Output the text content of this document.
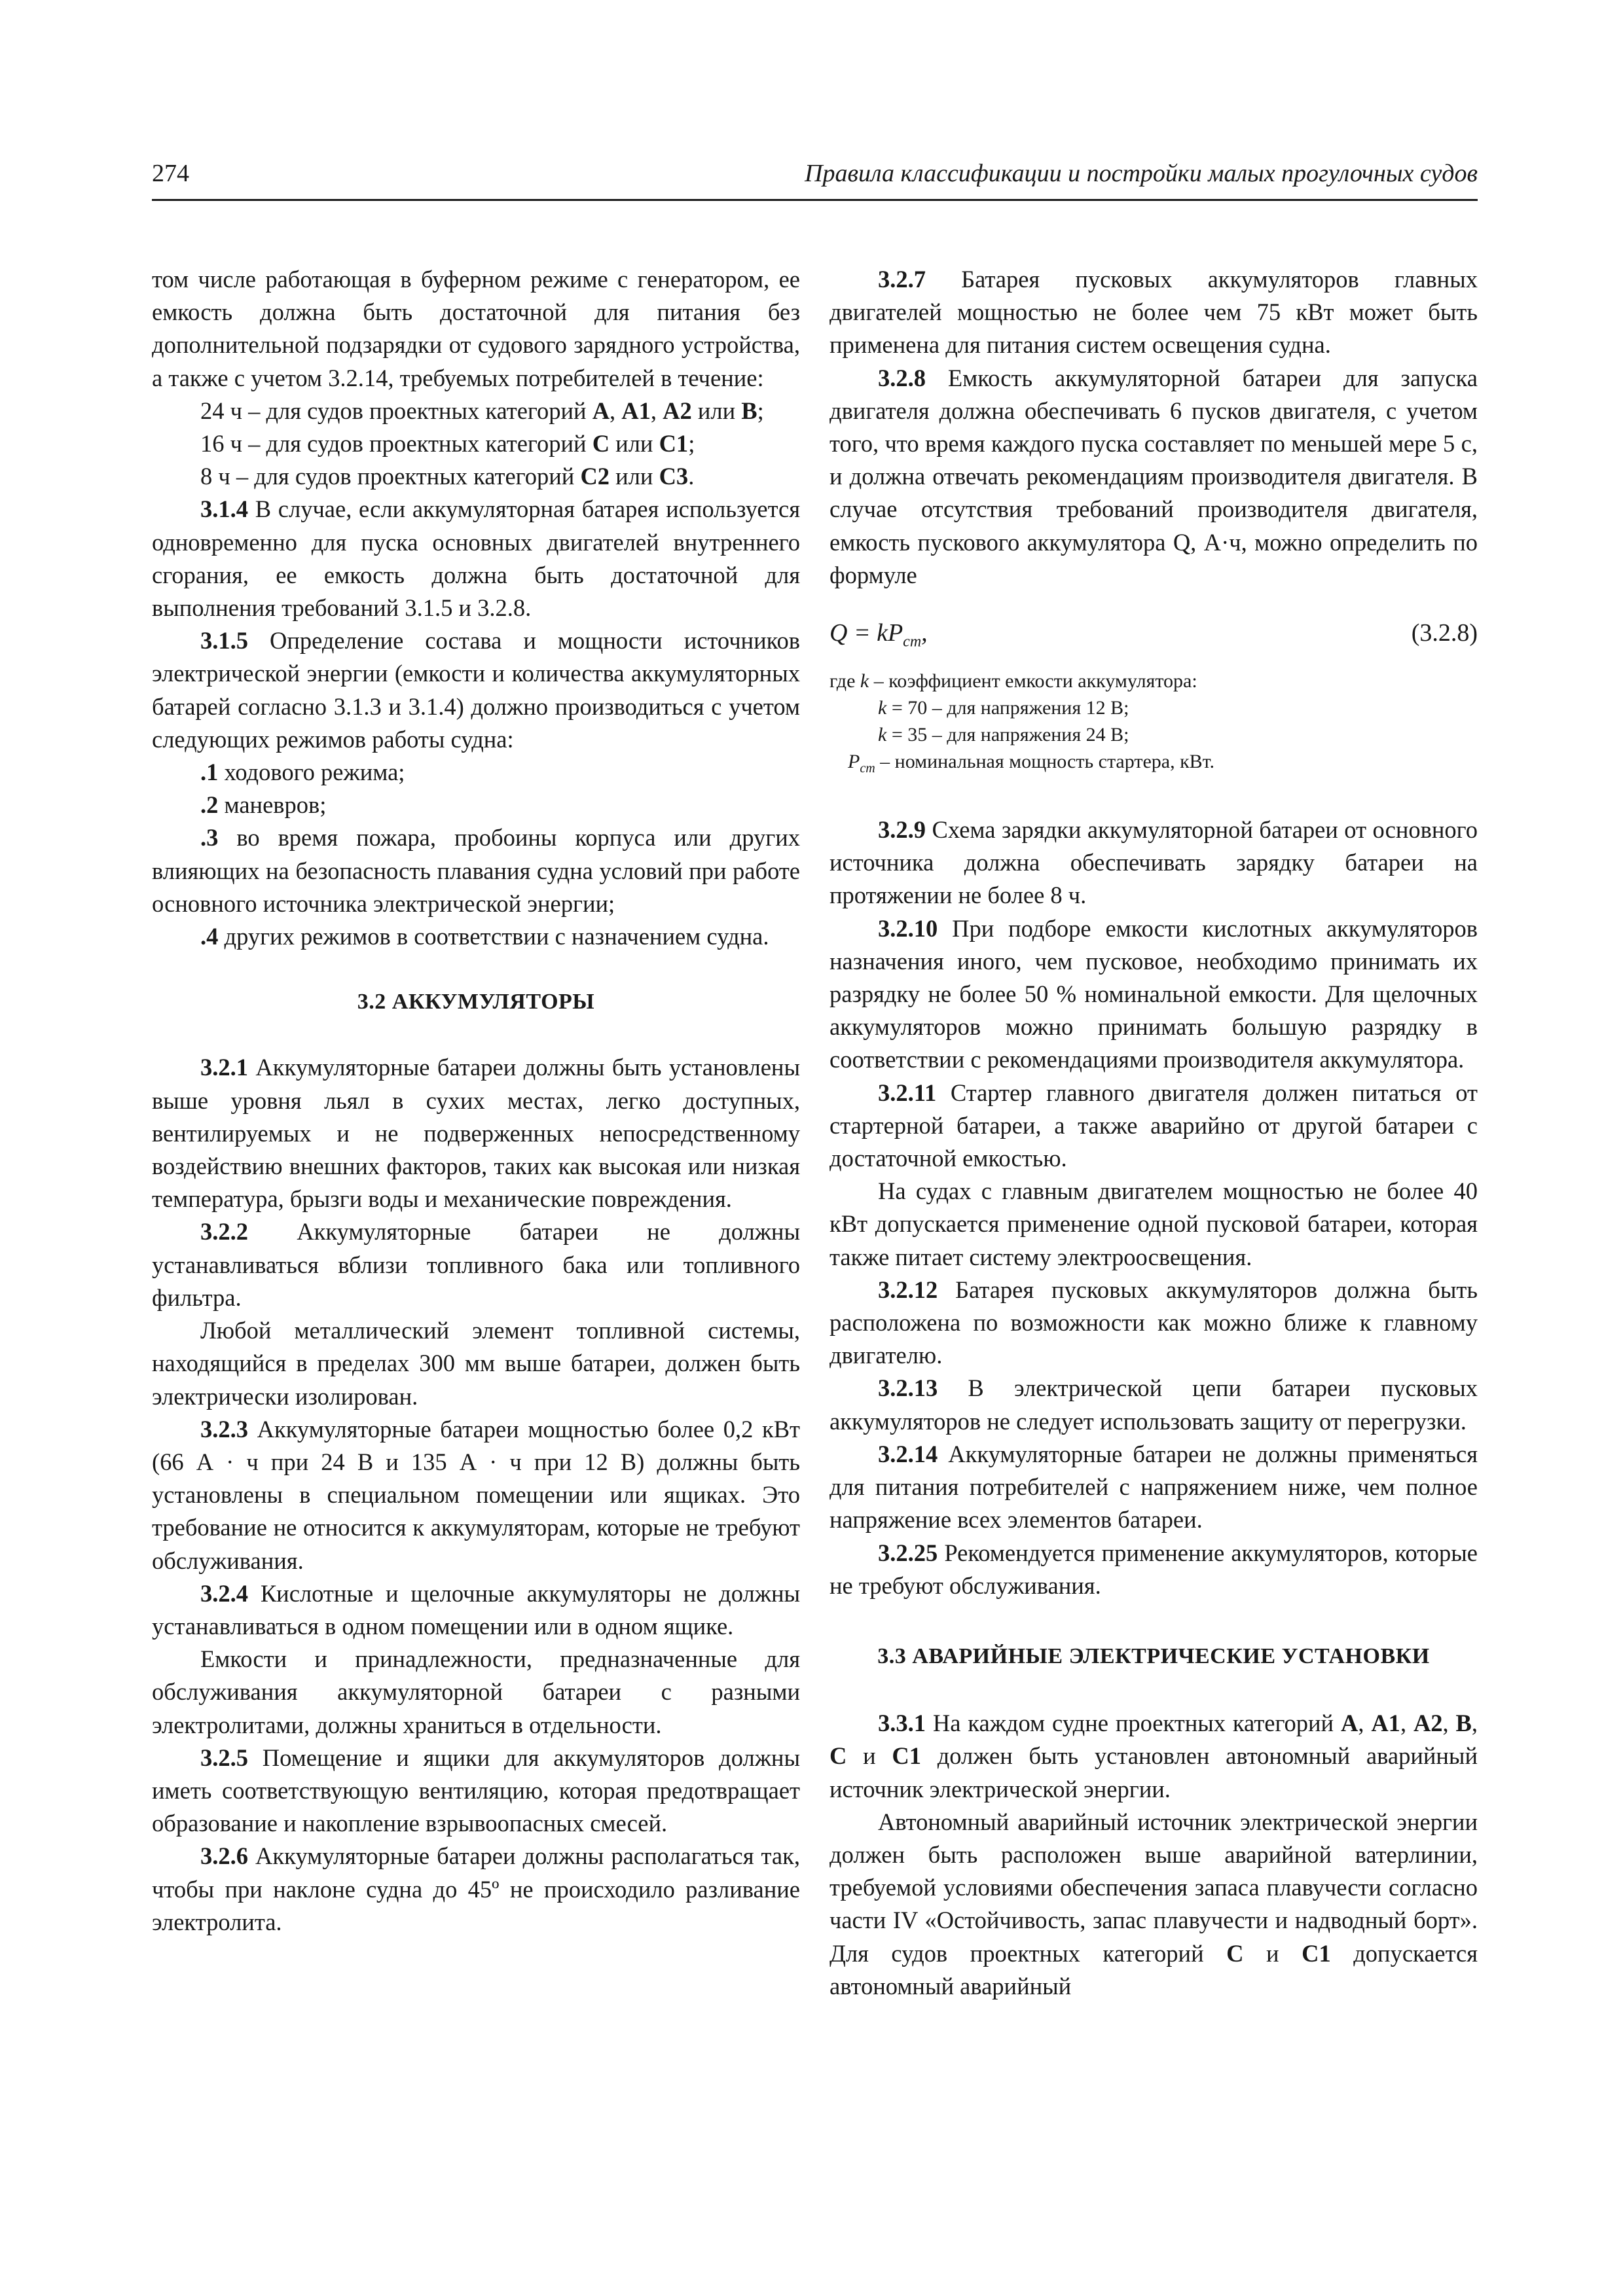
274	Правила классификации и постройки малых прогулочных судов

том числе работающая в буферном режиме с генератором, ее емкость должна быть достаточной для питания без дополнительной подзарядки от судового зарядного устройства, а также с учетом 3.2.14, требуемых потребителей в течение:

24 ч – для судов проектных категорий A, A1, A2 или B;

16 ч – для судов проектных категорий C или C1;

8 ч – для судов проектных категорий C2 или C3.

3.1.4 В случае, если аккумуляторная батарея используется одновременно для пуска основных двигателей внутреннего сгорания, ее емкость должна быть достаточной для выполнения требований 3.1.5 и 3.2.8.

3.1.5 Определение состава и мощности источников электрической энергии (емкости и количества аккумуляторных батарей согласно 3.1.3 и 3.1.4) должно производиться с учетом следующих режимов работы судна:

.1 ходового режима;

.2 маневров;

.3 во время пожара, пробоины корпуса или других влияющих на безопасность плавания судна условий при работе основного источника электрической энергии;

.4 других режимов в соответствии с назначением судна.

3.2 АККУМУЛЯТОРЫ

3.2.1 Аккумуляторные батареи должны быть установлены выше уровня льял в сухих местах, легко доступных, вентилируемых и не подверженных непосредственному воздействию внешних факторов, таких как высокая или низкая температура, брызги воды и механические повреждения.

3.2.2 Аккумуляторные батареи не должны устанавливаться вблизи топливного бака или топливного фильтра.

Любой металлический элемент топливной системы, находящийся в пределах 300 мм выше батареи, должен быть электрически изолирован.

3.2.3 Аккумуляторные батареи мощностью более 0,2 кВт (66 А · ч при 24 В и 135 А · ч при 12 В) должны быть установлены в специальном помещении или ящиках. Это требование не относится к аккумуляторам, которые не требуют обслуживания.

3.2.4 Кислотные и щелочные аккумуляторы не должны устанавливаться в одном помещении или в одном ящике.

Емкости и принадлежности, предназначенные для обслуживания аккумуляторной батареи с разными электролитами, должны храниться в отдельности.

3.2.5 Помещение и ящики для аккумуляторов должны иметь соответствующую вентиляцию, которая предотвращает образование и накопление взрывоопасных смесей.

3.2.6 Аккумуляторные батареи должны располагаться так, чтобы при наклоне судна до 45º не происходило разливание электролита.

3.2.7 Батарея пусковых аккумуляторов главных двигателей мощностью не более чем 75 кВт может быть применена для питания систем освещения судна.

3.2.8 Емкость аккумуляторной батареи для запуска двигателя должна обеспечивать 6 пусков двигателя, с учетом того, что время каждого пуска составляет по меньшей мере 5 с, и должна отвечать рекомендациям производителя двигателя. В случае отсутствия требований производителя двигателя, емкость пускового аккумулятора Q, А·ч, можно определить по формуле

$Q = kP_{ст}$,	(3.2.8)
где k – коэффициент емкости аккумулятора:
k = 70 – для напряжения 12 В;
k = 35 – для напряжения 24 В;
$P_{ст}$ – номинальная мощность стартера, кВт.

3.2.9 Схема зарядки аккумуляторной батареи от основного источника должна обеспечивать зарядку батареи на протяжении не более 8 ч.

3.2.10 При подборе емкости кислотных аккумуляторов назначения иного, чем пусковое, необходимо принимать их разрядку не более 50 % номинальной емкости. Для щелочных аккумуляторов можно принимать большую разрядку в соответствии с рекомендациями производителя аккумулятора.

3.2.11 Стартер главного двигателя должен питаться от стартерной батареи, а также аварийно от другой батареи с достаточной емкостью.

На судах с главным двигателем мощностью не более 40 кВт допускается применение одной пусковой батареи, которая также питает систему электроосвещения.

3.2.12 Батарея пусковых аккумуляторов должна быть расположена по возможности как можно ближе к главному двигателю.

3.2.13 В электрической цепи батареи пусковых аккумуляторов не следует использовать защиту от перегрузки.

3.2.14 Аккумуляторные батареи не должны применяться для питания потребителей с напряжением ниже, чем полное напряжение всех элементов батареи.

3.2.25 Рекомендуется применение аккумуляторов, которые не требуют обслуживания.

3.3 АВАРИЙНЫЕ ЭЛЕКТРИЧЕСКИЕ УСТАНОВКИ

3.3.1 На каждом судне проектных категорий A, A1, A2, B, C и C1 должен быть установлен автономный аварийный источник электрической энергии.

Автономный аварийный источник электрической энергии должен быть расположен выше аварийной ватерлинии, требуемой условиями обеспечения запаса плавучести согласно части IV «Остойчивость, запас плавучести и надводный борт». Для судов проектных категорий C и C1 допускается автономный аварийный
